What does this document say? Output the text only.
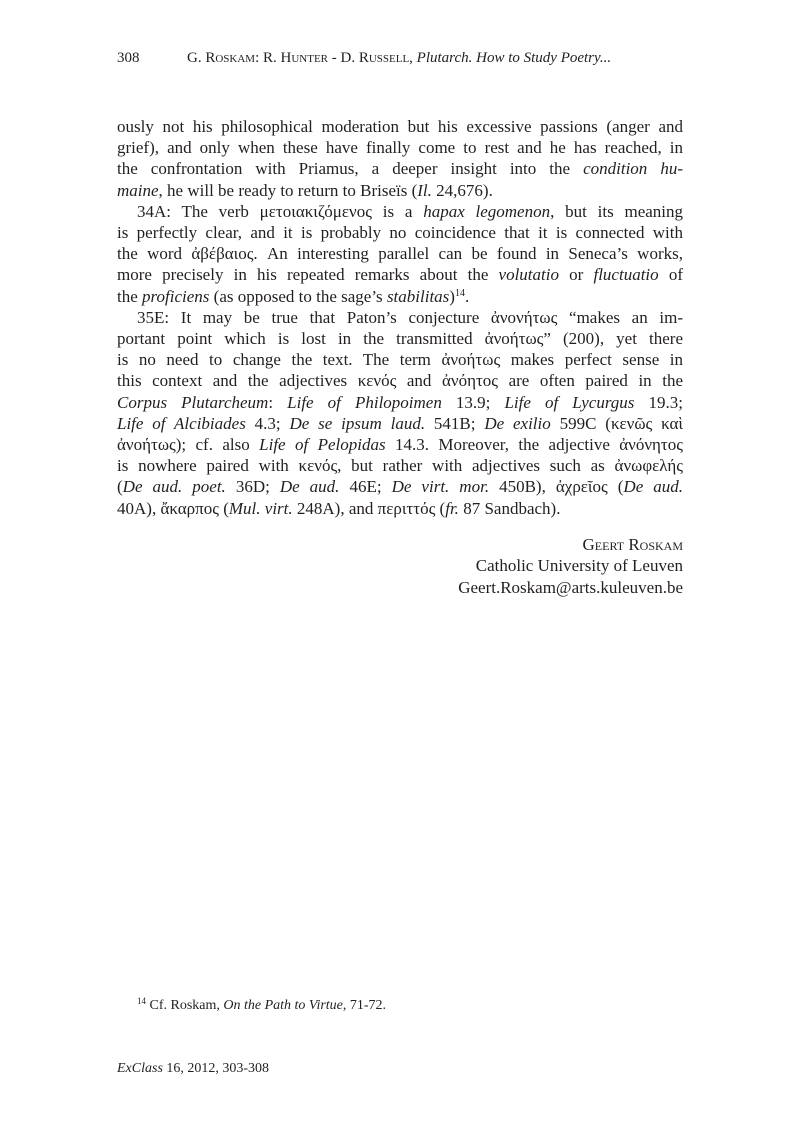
308	G. Roskam: R. Hunter - D. Russell, Plutarch. How to Study Poetry...
ously not his philosophical moderation but his excessive passions (anger and
grief), and only when these have finally come to rest and he has reached, in
the confrontation with Priamus, a deeper insight into the condition hu-
maine, he will be ready to return to Briseïs (Il. 24,676).
34A: The verb μετοιακιζόμενος is a hapax legomenon, but its meaning
is perfectly clear, and it is probably no coincidence that it is connected with
the word ἀβέβαιος. An interesting parallel can be found in Seneca’s works,
more precisely in his repeated remarks about the volutatio or fluctuatio of
the proficiens (as opposed to the sage’s stabilitas)$^{14}$.
35E: It may be true that Paton’s conjecture ἀνονήτως “makes an im-
portant point which is lost in the transmitted ἀνοήτως” (200), yet there
is no need to change the text. The term ἀνοήτως makes perfect sense in
this context and the adjectives κενός and ἀνόητος are often paired in the
Corpus Plutarcheum: Life of Philopoimen 13.9; Life of Lycurgus 19.3;
Life of Alcibiades 4.3; De se ipsum laud. 541B; De exilio 599C (κενῶς καὶ
ἀνοήτως); cf. also Life of Pelopidas 14.3. Moreover, the adjective ἀνόνητος
is nowhere paired with κενός, but rather with adjectives such as ἀνωφελής
(De aud. poet. 36D; De aud. 46E; De virt. mor. 450B), ἀχρεῖος (De aud.
40A), ἄκαρπος (Mul. virt. 248A), and περιττός (fr. 87 Sandbach).
Geert Roskam
Catholic University of Leuven
Geert.Roskam@arts.kuleuven.be
$^{14}$ Cf. Roskam, On the Path to Virtue, 71-72.
ExClass 16, 2012, 303-308
